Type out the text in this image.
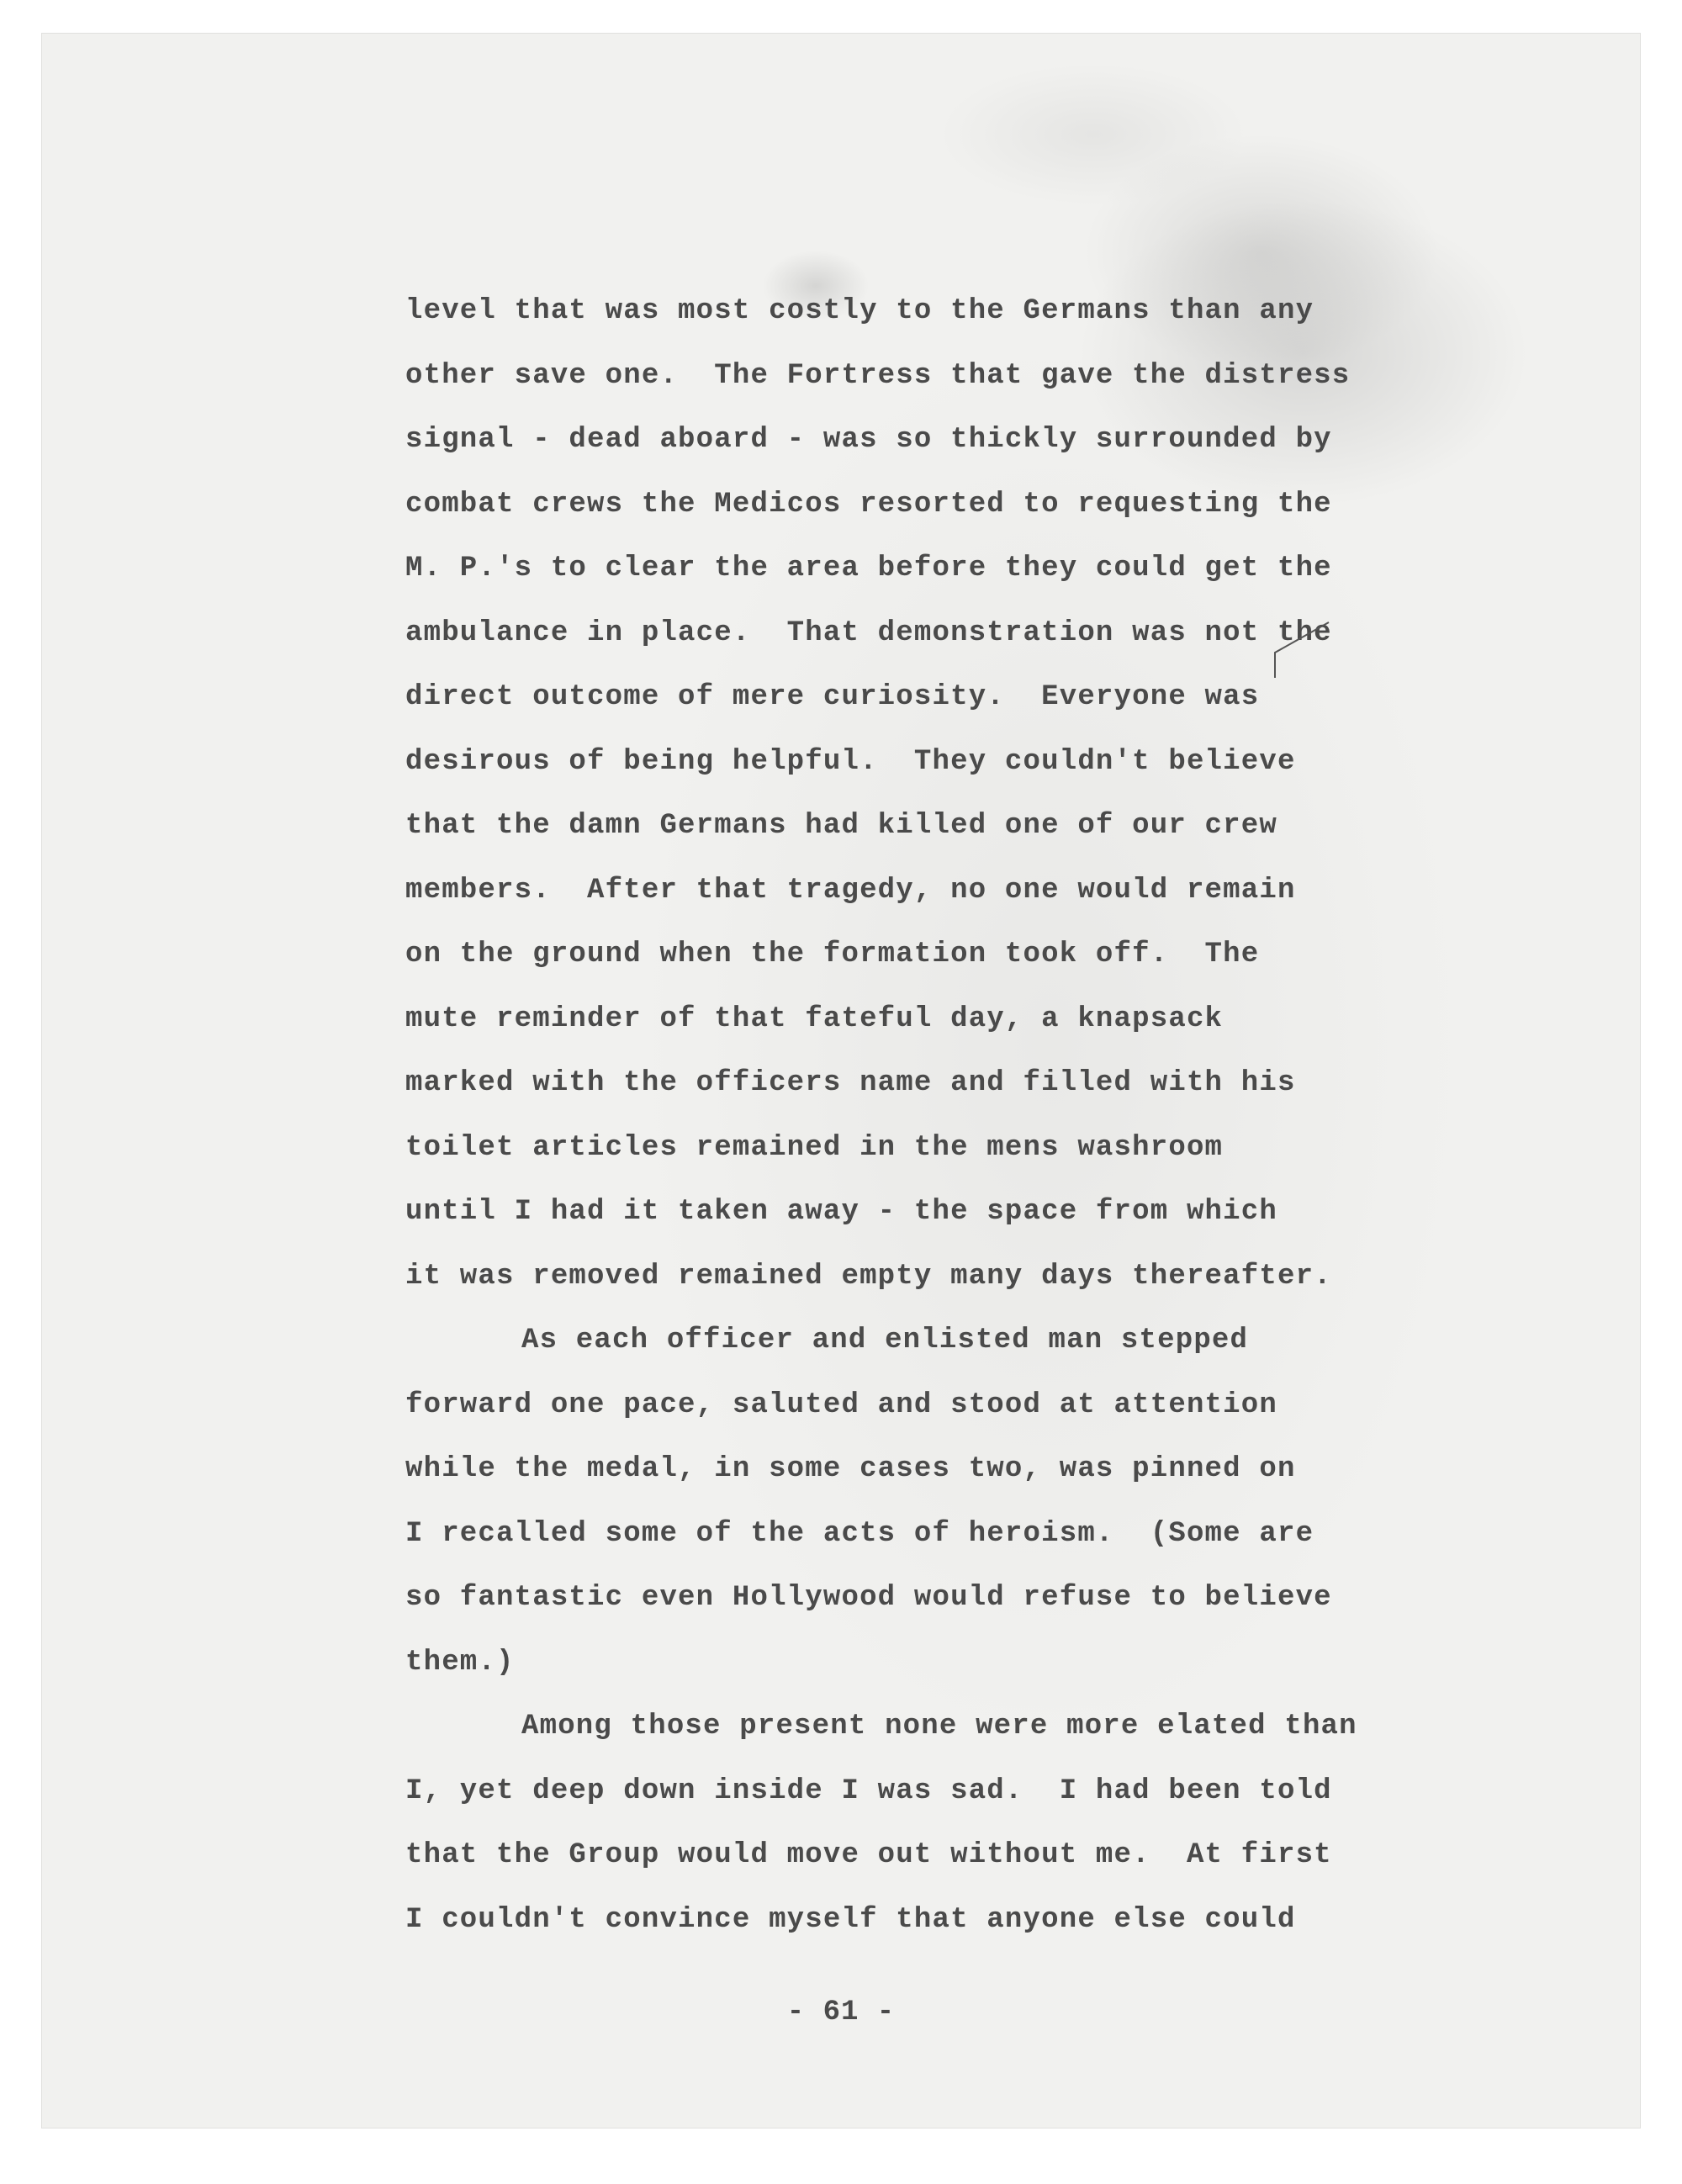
level that was most costly to the Germans than any
other save one.  The Fortress that gave the distress
signal - dead aboard - was so thickly surrounded by
combat crews the Medicos resorted to requesting the
M. P.'s to clear the area before they could get the
ambulance in place.  That demonstration was not the
direct outcome of mere curiosity.  Everyone was
desirous of being helpful.  They couldn't believe
that the damn Germans had killed one of our crew
members.  After that tragedy, no one would remain
on the ground when the formation took off.  The
mute reminder of that fateful day, a knapsack
marked with the officers name and filled with his
toilet articles remained in the mens washroom
until I had it taken away - the space from which
it was removed remained empty many days thereafter.
As each officer and enlisted man stepped
forward one pace, saluted and stood at attention
while the medal, in some cases two, was pinned on
I recalled some of the acts of heroism.  (Some are
so fantastic even Hollywood would refuse to believe
them.)
Among those present none were more elated than
I, yet deep down inside I was sad.  I had been told
that the Group would move out without me.  At first
I couldn't convince myself that anyone else could
- 61 -
